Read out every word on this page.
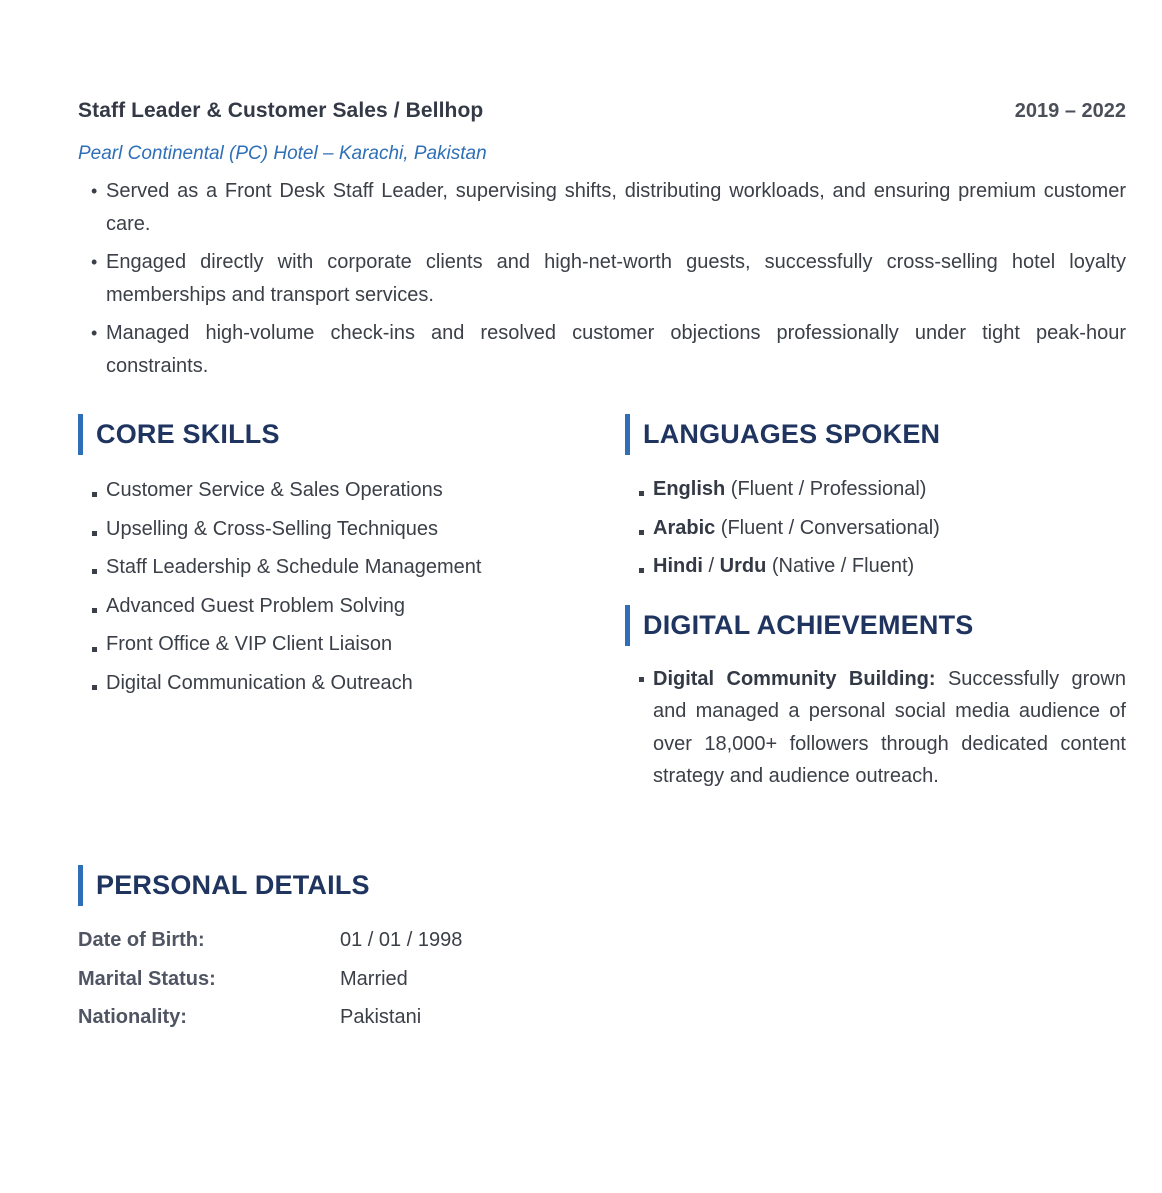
Staff Leader & Customer Sales / Bellhop	2019 – 2022
Pearl Continental (PC) Hotel – Karachi, Pakistan
• Served as a Front Desk Staff Leader, supervising shifts, distributing workloads, and ensuring premium customer care.
• Engaged directly with corporate clients and high-net-worth guests, successfully cross-selling hotel loyalty memberships and transport services.
• Managed high-volume check-ins and resolved customer objections professionally under tight peak-hour constraints.
CORE SKILLS
Customer Service & Sales Operations
Upselling & Cross-Selling Techniques
Staff Leadership & Schedule Management
Advanced Guest Problem Solving
Front Office & VIP Client Liaison
Digital Communication & Outreach
LANGUAGES SPOKEN
English (Fluent / Professional)
Arabic (Fluent / Conversational)
Hindi / Urdu (Native / Fluent)
DIGITAL ACHIEVEMENTS
Digital Community Building: Successfully grown and managed a personal social media audience of over 18,000+ followers through dedicated content strategy and audience outreach.
PERSONAL DETAILS
Date of Birth:	01 / 01 / 1998
Marital Status:	Married
Nationality:	Pakistani
